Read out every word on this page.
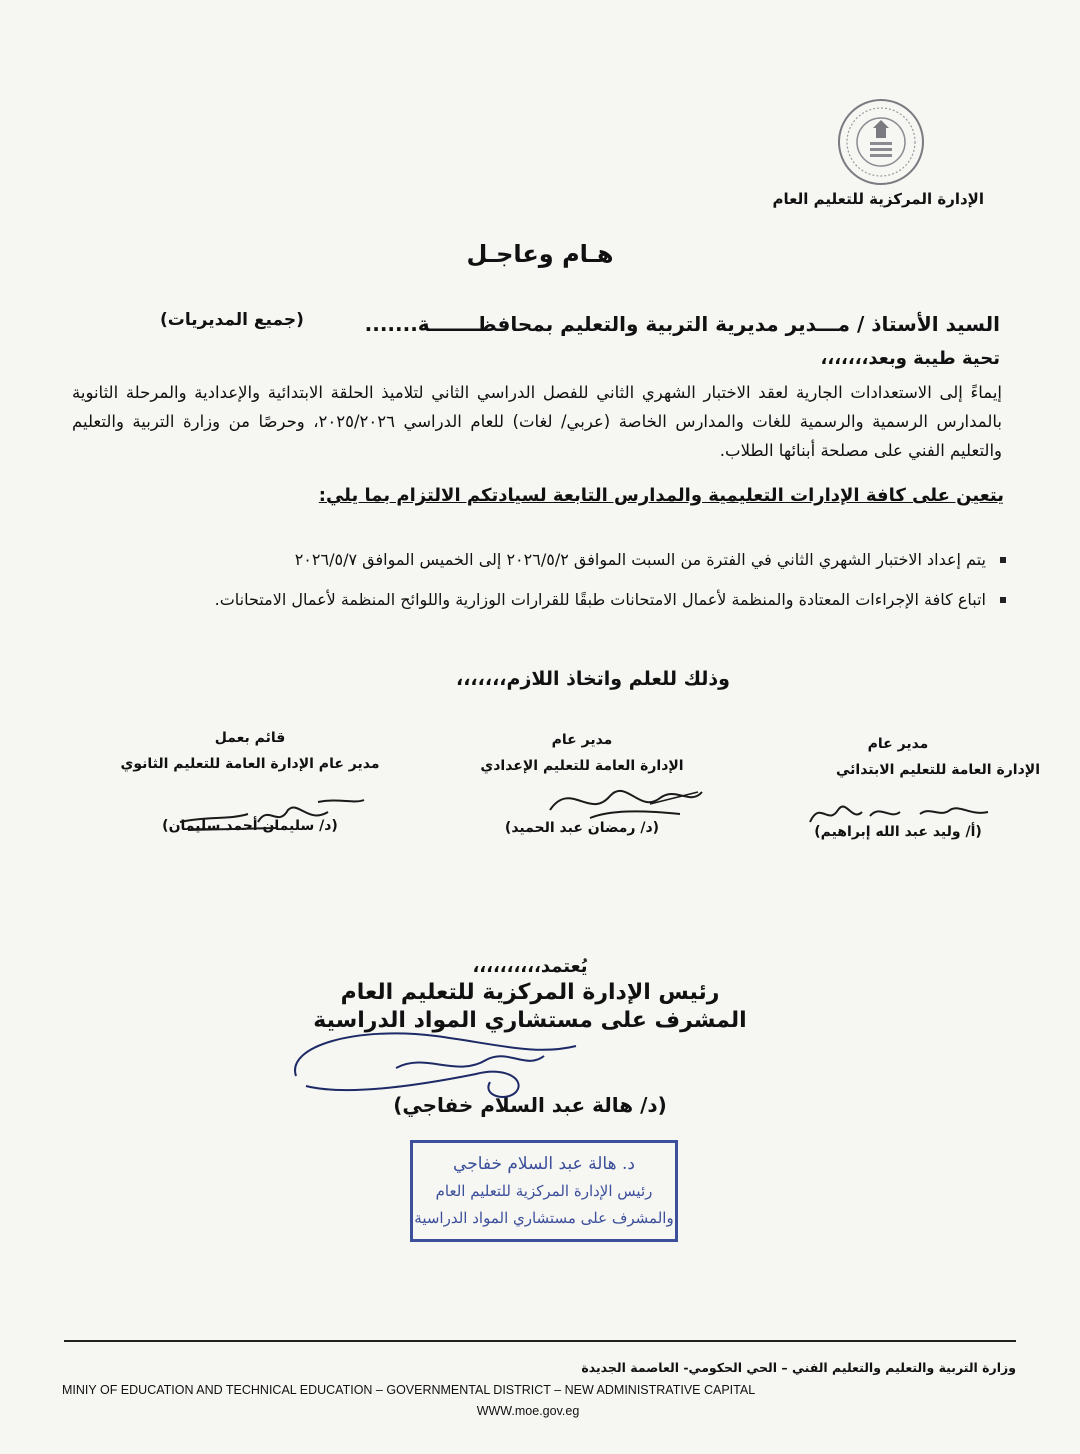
الإدارة المركزية للتعليم العام
هـام وعاجـل
السيد الأستاذ / مـــدير مديرية التربية والتعليم بمحافظـــــــة.......
(جميع المديريات)
تحية طيبة وبعد،،،،،،،
إيماءً إلى الاستعدادات الجارية لعقد الاختبار الشهري الثاني للفصل الدراسي الثاني لتلاميذ الحلقة الابتدائية والإعدادية والمرحلة الثانوية بالمدارس الرسمية والرسمية للغات والمدارس الخاصة (عربي/ لغات) للعام الدراسي ٢٠٢٥/٢٠٢٦، وحرصًا من وزارة التربية والتعليم والتعليم الفني على مصلحة أبنائها الطلاب.
يتعين على كافة الإدارات التعليمية والمدارس التابعة لسيادتكم الالتزام بما يلي:
يتم إعداد الاختبار الشهري الثاني في الفترة من السبت الموافق ٢٠٢٦/٥/٢ إلى الخميس الموافق ٢٠٢٦/٥/٧
اتباع كافة الإجراءات المعتادة والمنظمة لأعمال الامتحانات طبقًا للقرارات الوزارية واللوائح المنظمة لأعمال الامتحانات.
وذلك للعلم واتخاذ اللازم،،،،،،،
مدير عام
الإدارة العامة للتعليم الابتدائي
(أ/ وليد عبد الله إبراهيم)
مدير عام
الإدارة العامة للتعليم الإعدادي
(د/ رمضان عبد الحميد)
قائم بعمل
مدير عام الإدارة العامة للتعليم الثانوي
(د/ سليمان أحمد سليمان)
يُعتمد،،،،،،،،،،
رئيس الإدارة المركزية للتعليم العام
المشرف على مستشاري المواد الدراسية
(د/ هالة عبد السلام خفاجي)
د. هالة عبد السلام خفاجي
رئيس الإدارة المركزية للتعليم العام
والمشرف على مستشاري المواد الدراسية
وزارة التربية والتعليم والتعليم الفني – الحي الحكومي- العاصمة الجديدة
MINIY OF EDUCATION AND TECHNICAL EDUCATION – GOVERNMENTAL DISTRICT – NEW ADMINISTRATIVE CAPITAL
WWW.moe.gov.eg
